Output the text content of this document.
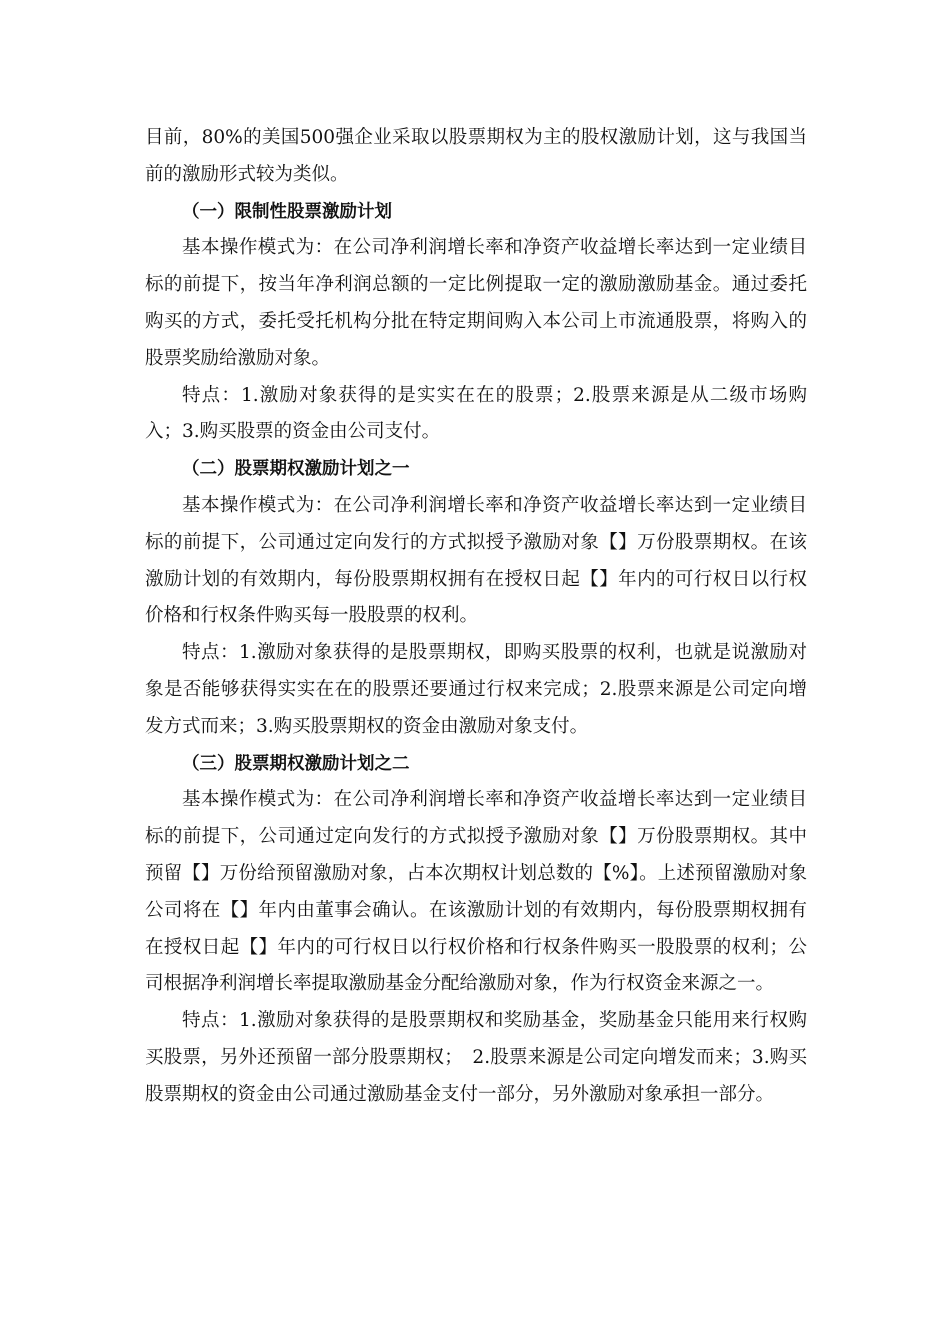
目前，80%的美国500强企业采取以股票期权为主的股权激励计划，这与我国当前的激励形式较为类似。

（一）限制性股票激励计划

基本操作模式为：在公司净利润增长率和净资产收益增长率达到一定业绩目标的前提下，按当年净利润总额的一定比例提取一定的激励激励基金。通过委托购买的方式，委托受托机构分批在特定期间购入本公司上市流通股票，将购入的股票奖励给激励对象。

特点：1.激励对象获得的是实实在在的股票；2.股票来源是从二级市场购入；3.购买股票的资金由公司支付。

（二）股票期权激励计划之一

基本操作模式为：在公司净利润增长率和净资产收益增长率达到一定业绩目标的前提下，公司通过定向发行的方式拟授予激励对象【】万份股票期权。在该激励计划的有效期内，每份股票期权拥有在授权日起【】年内的可行权日以行权价格和行权条件购买每一股股票的权利。

特点：1.激励对象获得的是股票期权，即购买股票的权利，也就是说激励对象是否能够获得实实在在的股票还要通过行权来完成；2.股票来源是公司定向增发方式而来；3.购买股票期权的资金由激励对象支付。

（三）股票期权激励计划之二

基本操作模式为：在公司净利润增长率和净资产收益增长率达到一定业绩目标的前提下，公司通过定向发行的方式拟授予激励对象【】万份股票期权。其中预留【】万份给预留激励对象，占本次期权计划总数的【%】。上述预留激励对象公司将在【】年内由董事会确认。在该激励计划的有效期内，每份股票期权拥有在授权日起【】年内的可行权日以行权价格和行权条件购买一股股票的权利；公司根据净利润增长率提取激励基金分配给激励对象，作为行权资金来源之一。

特点：1.激励对象获得的是股票期权和奖励基金，奖励基金只能用来行权购买股票，另外还预留一部分股票期权；　2.股票来源是公司定向增发而来；3.购买股票期权的资金由公司通过激励基金支付一部分，另外激励对象承担一部分。
